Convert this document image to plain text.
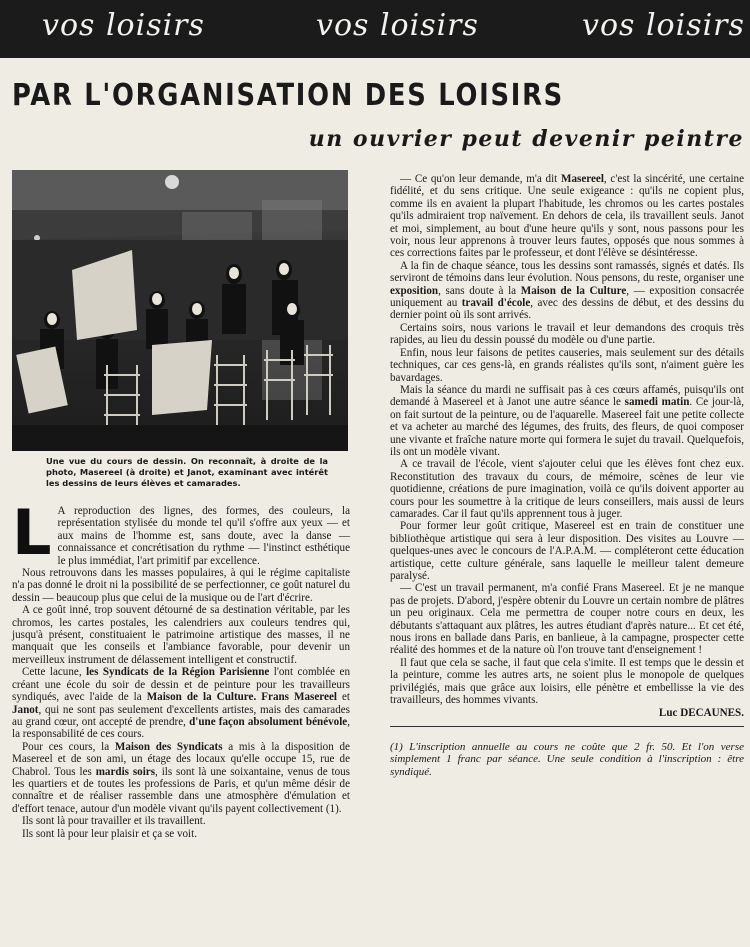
vos loisirs	vos loisirs	vos loisirs
PAR L'ORGANISATION DES LOISIRS
un ouvrier peut devenir peintre
Une vue du cours de dessin. On reconnaît, à droite de la photo, Masereel (à droite) et Janot, examinant avec intérêt les dessins de leurs élèves et camarades.

L A reproduction des lignes, des formes, des couleurs, la représentation stylisée du monde tel qu'il s'offre aux yeux — et aux mains de l'homme est, sans doute, avec la danse — connaissance et concrétisation du rythme — l'instinct esthétique le plus immédiat, l'art primitif par excellence.

Nous retrouvons dans les masses populaires, à qui le régime capitaliste n'a pas donné le droit ni la possibilité de se perfectionner, ce goût naturel du dessin — beaucoup plus que celui de la musique ou de l'art d'écrire.

A ce goût inné, trop souvent détourné de sa destination véritable, par les chromos, les cartes postales, les calendriers aux couleurs tendres qui, jusqu'à présent, constituaient le patrimoine artistique des masses, il ne manquait que les conseils et l'ambiance favorable, pour devenir un merveilleux instrument de délassement intelligent et constructif.

Cette lacune, les Syndicats de la Région Parisienne l'ont comblée en créant une école du soir de dessin et de peinture pour les travailleurs syndiqués, avec l'aide de la Maison de la Culture. Frans Masereel et Janot, qui ne sont pas seulement d'excellents artistes, mais des camarades au grand cœur, ont accepté de prendre, d'une façon absolument bénévole, la responsabilité de ces cours.

Pour ces cours, la Maison des Syndicats a mis à la disposition de Masereel et de son ami, un étage des locaux qu'elle occupe 15, rue de Chabrol. Tous les mardis soirs, ils sont là une soixantaine, venus de tous les quartiers et de toutes les professions de Paris, et qu'un même désir de connaître et de réaliser rassemble dans une atmosphère d'émulation et d'effort tenace, autour d'un modèle vivant qu'ils payent collectivement (1).

Ils sont là pour travailler et ils travaillent.

Ils sont là pour leur plaisir et ça se voit.

— Ce qu'on leur demande, m'a dit Masereel, c'est la sincérité, une certaine fidélité, et du sens critique. Une seule exigeance : qu'ils ne copient plus, comme ils en avaient la plupart l'habitude, les chromos ou les cartes postales qu'ils admiraient trop naïvement. En dehors de cela, ils travaillent seuls. Janot et moi, simplement, au bout d'une heure qu'ils y sont, nous passons pour les voir, nous leur apprenons à trouver leurs fautes, opposés que nous sommes à ces corrections faites par le professeur, et dont l'élève se désintéresse.

A la fin de chaque séance, tous les dessins sont ramassés, signés et datés. Ils serviront de témoins dans leur évolution. Nous pensons, du reste, organiser une exposition, sans doute à la Maison de la Culture, — exposition consacrée uniquement au travail d'école, avec des dessins de début, et des dessins du dernier point où ils sont arrivés.

Certains soirs, nous varions le travail et leur demandons des croquis très rapides, au lieu du dessin poussé du modèle ou d'une partie.

Enfin, nous leur faisons de petites causeries, mais seulement sur des détails techniques, car ces gens-là, en grands réalistes qu'ils sont, n'aiment guère les bavardages.

Mais la séance du mardi ne suffisait pas à ces cœurs affamés, puisqu'ils ont demandé à Masereel et à Janot une autre séance le samedi matin. Ce jour-là, on fait surtout de la peinture, ou de l'aquarelle. Masereel fait une petite collecte et va acheter au marché des légumes, des fruits, des fleurs, de quoi composer une vivante et fraîche nature morte qui formera le sujet du travail. Quelquefois, ils ont un modèle vivant.

A ce travail de l'école, vient s'ajouter celui que les élèves font chez eux. Reconstitution des travaux du cours, de mémoire, scènes de leur vie quotidienne, créations de pure imagination, voilà ce qu'ils doivent apporter au cours pour les soumettre à la critique de leurs conseillers, mais aussi de leurs camarades. Car il faut qu'ils apprennent tous à juger.

Pour former leur goût critique, Masereel est en train de constituer une bibliothèque artistique qui sera à leur disposition. Des visites au Louvre — quelques-unes avec le concours de l'A.P.A.M. — compléteront cette éducation artistique, cette culture générale, sans laquelle le meilleur talent demeure paralysé.

— C'est un travail permanent, m'a confié Frans Masereel. Et je ne manque pas de projets. D'abord, j'espère obtenir du Louvre un certain nombre de plâtres un peu originaux. Cela me permettra de couper notre cours en deux, les débutants s'attaquant aux plâtres, les autres étudiant d'après nature... Et cet été, nous irons en ballade dans Paris, en banlieue, à la campagne, prospecter cette réalité des hommes et de la nature où l'on trouve tant d'enseignement !

Il faut que cela se sache, il faut que cela s'imite. Il est temps que le dessin et la peinture, comme les autres arts, ne soient plus le monopole de quelques privilégiés, mais que grâce aux loisirs, elle pénètre et embellisse la vie des travailleurs, des hommes vivants.

Luc DECAUNES.
(1) L'inscription annuelle au cours ne coûte que 2 fr. 50. Et l'on verse simplement 1 franc par séance. Une seule condition à l'inscription : être syndiqué.
